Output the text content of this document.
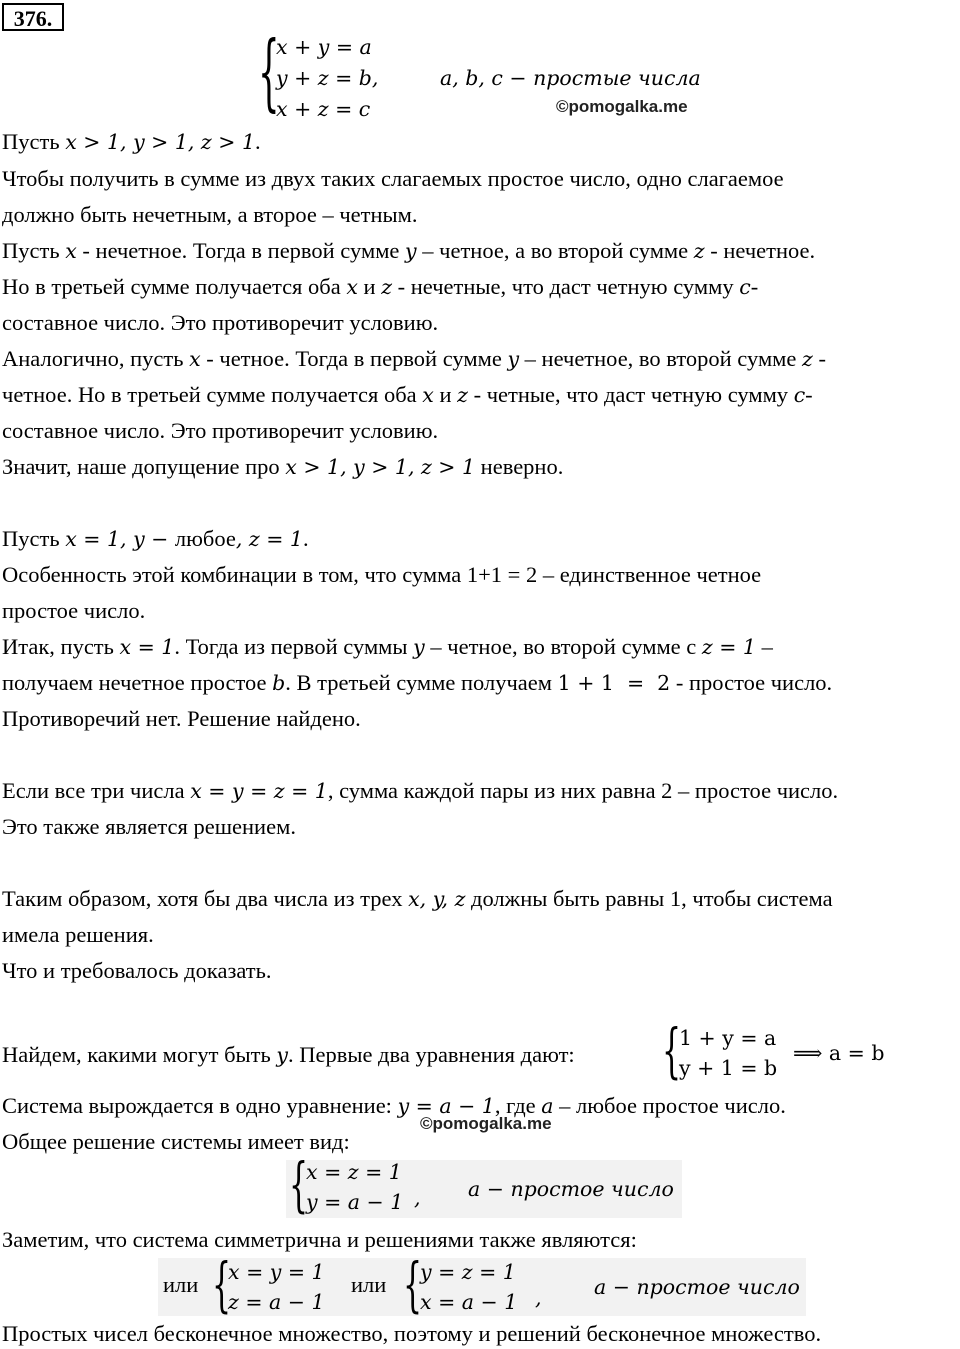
376.
{
x + y = a
y + z = b,
x + z = c
a, b, c − простые числа
©pomogalka.me
Пусть x > 1, y > 1, z > 1.
Чтобы получить в сумме из двух таких слагаемых простое число, одно слагаемое
должно быть нечетным, а второе – четным.
Пусть x - нечетное. Тогда в первой сумме y – четное, а во второй сумме z - нечетное.
Но в третьей сумме получается оба x и z - нечетные, что даст четную сумму c-
составное число. Это противоречит условию.
Аналогично, пусть x - четное. Тогда в первой сумме y – нечетное, во второй сумме z -
четное. Но в третьей сумме получается оба x и z - четные, что даст четную сумму c-
составное число. Это противоречит условию.
Значит, наше допущение про x > 1, y > 1, z > 1 неверно.
Пусть x = 1, y − любое, z = 1.
Особенность этой комбинации в том, что сумма 1+1 = 2 – единственное четное
простое число.
Итак, пусть x = 1. Тогда из первой суммы y – четное, во второй сумме с z = 1 –
получаем нечетное простое b. В третьей сумме получаем 1 + 1  =  2 - простое число.
Противоречий нет. Решение найдено.
Если все три числа x = y = z = 1, сумма каждой пары из них равна 2 – простое число.
Это также является решением.
Таким образом, хотя бы два числа из трех x, y, z должны быть равны 1, чтобы система
имела решения.
Что и требовалось доказать.
Найдем, какими могут быть y. Первые два уравнения дают:	{
1 + y = a
y + 1 = b
⟹ a = b
Система вырождается в одно уравнение: y = a − 1, где a – любое простое число.
Общее решение системы имеет вид:
©pomogalka.me
{
x = z = 1
y = a − 1 , a − простое число
Заметим, что система симметрична и решениями также являются:
или {
x = y = 1
z = a − 1
или {
y = z = 1
x = a − 1 ,	a − простое число
Простых чисел бесконечное множество, поэтому и решений бесконечное множество.
